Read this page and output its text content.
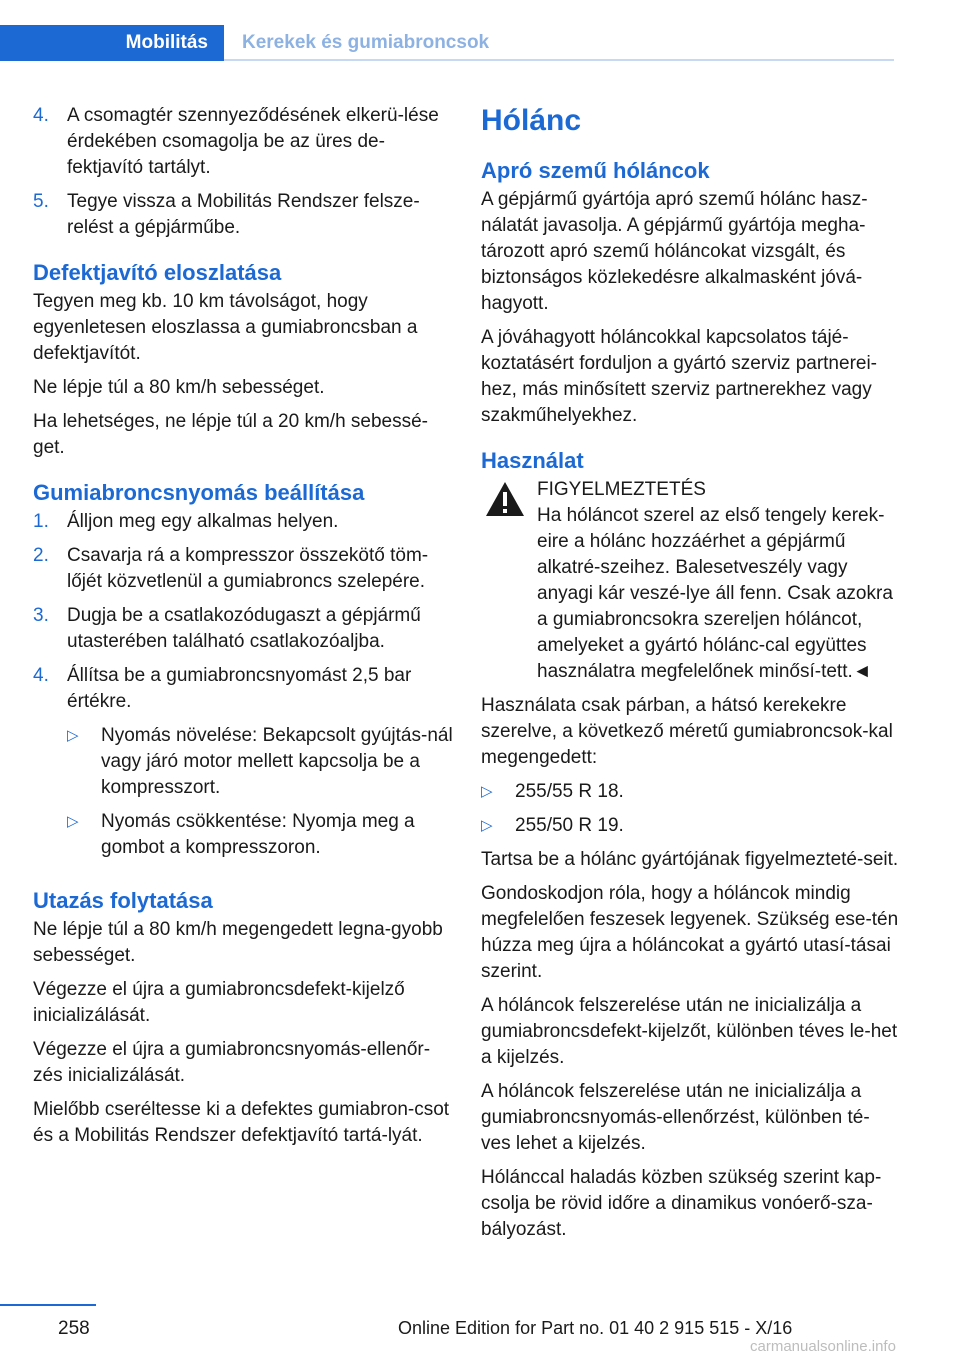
Mobilitás	Kerekek és gumiabroncsok
4. A csomagtér szennyeződésének elkerü-lése érdekében csomagolja be az üres de-fektjavító tartályt.
5. Tegye vissza a Mobilitás Rendszer felsze-relést a gépjárműbe.
Defektjavító eloszlatása

Tegyen meg kb. 10 km távolságot, hogy egyenletesen eloszlassa a gumiabroncsban a defektjavítót.

Ne lépje túl a 80 km/h sebességet.

Ha lehetséges, ne lépje túl a 20 km/h sebessé-get.

Gumiabroncsnyomás beállítása
1. Álljon meg egy alkalmas helyen.
2. Csavarja rá a kompresszor összekötő töm-lőjét közvetlenül a gumiabroncs szelepére.
3. Dugja be a csatlakozódugaszt a gépjármű utasterében található csatlakozóaljba.
4. Állítsa be a gumiabroncsnyomást 2,5 bar értékre.
▷	Nyomás növelése: Bekapcsolt gyújtás-nál vagy járó motor mellett kapcsolja be a kompresszort.
▷	Nyomás csökkentése: Nyomja meg a gombot a kompresszoron.
Utazás folytatása

Ne lépje túl a 80 km/h megengedett legna-gyobb sebességet.

Végezze el újra a gumiabroncsdefekt-kijelző inicializálását.

Végezze el újra a gumiabroncsnyomás-ellenőr-zés inicializálását.

Mielőbb cseréltesse ki a defektes gumiabron-csot és a Mobilitás Rendszer defektjavító tartá-lyát.

Hólánc
Apró szemű hóláncok

A gépjármű gyártója apró szemű hólánc hasz-nálatát javasolja. A gépjármű gyártója megha-tározott apró szemű hóláncokat vizsgált, és biztonságos közlekedésre alkalmasként jóvá-hagyott.

A jóváhagyott hóláncokkal kapcsolatos tájé-koztatásért forduljon a gyártó szerviz partnerei-hez, más minősített szerviz partnerekhez vagy szakműhelyekhez.

Használat
FIGYELMEZTETÉS
Ha hóláncot szerel az első tengely kerek-eire a hólánc hozzáérhet a gépjármű alkatré-szeihez. Balesetveszély vagy anyagi kár veszé-lye áll fenn. Csak azokra a gumiabroncsokra szereljen hóláncot, amelyeket a gyártó hólánc-cal együttes használatra megfelelőnek minősí-tett.◄

Használata csak párban, a hátsó kerekekre szerelve, a következő méretű gumiabroncsok-kal megengedett:

▷	255/55 R 18.
▷	255/50 R 19.

Tartsa be a hólánc gyártójának figyelmezteté-seit.

Gondoskodjon róla, hogy a hóláncok mindig megfelelően feszesek legyenek. Szükség ese-tén húzza meg újra a hóláncokat a gyártó utasí-tásai szerint.

A hóláncok felszerelése után ne inicializálja a gumiabroncsdefekt-kijelzőt, különben téves le-het a kijelzés.

A hóláncok felszerelése után ne inicializálja a gumiabroncsnyomás-ellenőrzést, különben té-ves lehet a kijelzés.

Hólánccal haladás közben szükség szerint kap-csolja be rövid időre a dinamikus vonóerő-sza-bályozást.

258	Online Edition for Part no. 01 40 2 915 515 - X/16
carmanualsonline.info
